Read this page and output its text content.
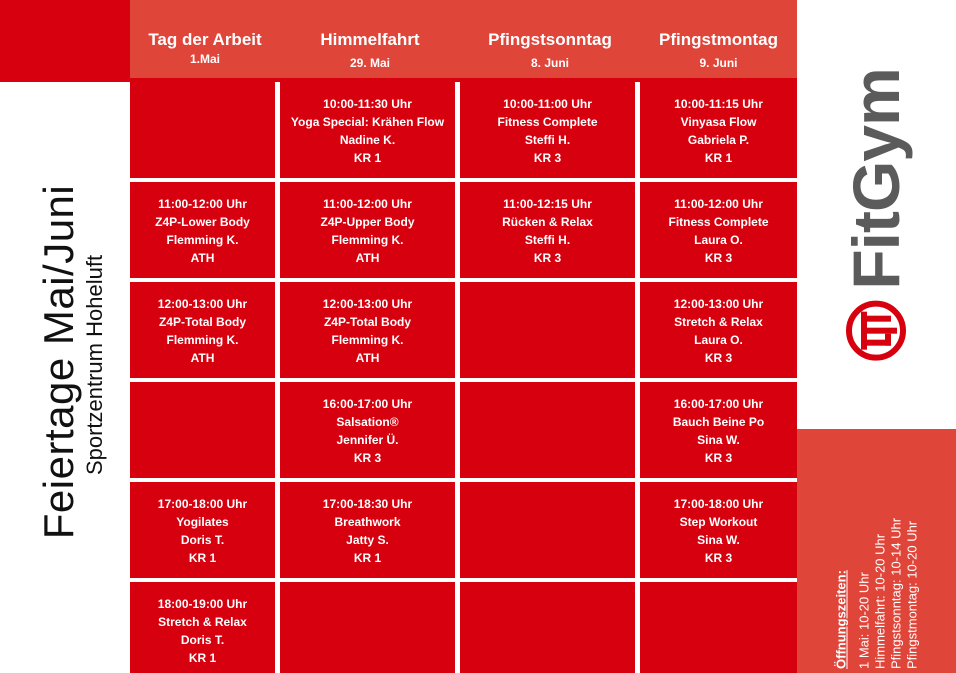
Tag der Arbeit
1.Mai
Himmelfahrt
29. Mai
Pfingstsonntag
8. Juni
Pfingstmontag
9. Juni
10:00-11:30 Uhr
Yoga Special: Krähen Flow
Nadine K.
KR 1
10:00-11:00 Uhr
Fitness Complete
Steffi H.
KR 3
10:00-11:15 Uhr
Vinyasa Flow
Gabriela P.
KR 1
11:00-12:00 Uhr
Z4P-Lower Body
Flemming K.
ATH
11:00-12:00 Uhr
Z4P-Upper Body
Flemming K.
ATH
11:00-12:15 Uhr
Rücken & Relax
Steffi H.
KR 3
11:00-12:00 Uhr
Fitness Complete
Laura O.
KR 3
12:00-13:00 Uhr
Z4P-Total Body
Flemming K.
ATH
12:00-13:00 Uhr
Z4P-Total Body
Flemming K.
ATH
12:00-13:00 Uhr
Stretch & Relax
Laura O.
KR 3
16:00-17:00 Uhr
Salsation®
Jennifer Ü.
KR 3
16:00-17:00 Uhr
Bauch Beine Po
Sina W.
KR 3
17:00-18:00 Uhr
Yogilates
Doris T.
KR 1
17:00-18:30 Uhr
Breathwork
Jatty S.
KR 1
17:00-18:00 Uhr
Step Workout
Sina W.
KR 3
18:00-19:00 Uhr
Stretch & Relax
Doris T.
KR 1
Feiertage Mai/Juni Sportzentrum Hoheluft
FitGym
Öffnungszeiten: 1 Mai: 10-20 Uhr Himmelfahrt: 10-20 Uhr Pfingstsonntag: 10-14 Uhr Pfingstmontag: 10-20 Uhr
